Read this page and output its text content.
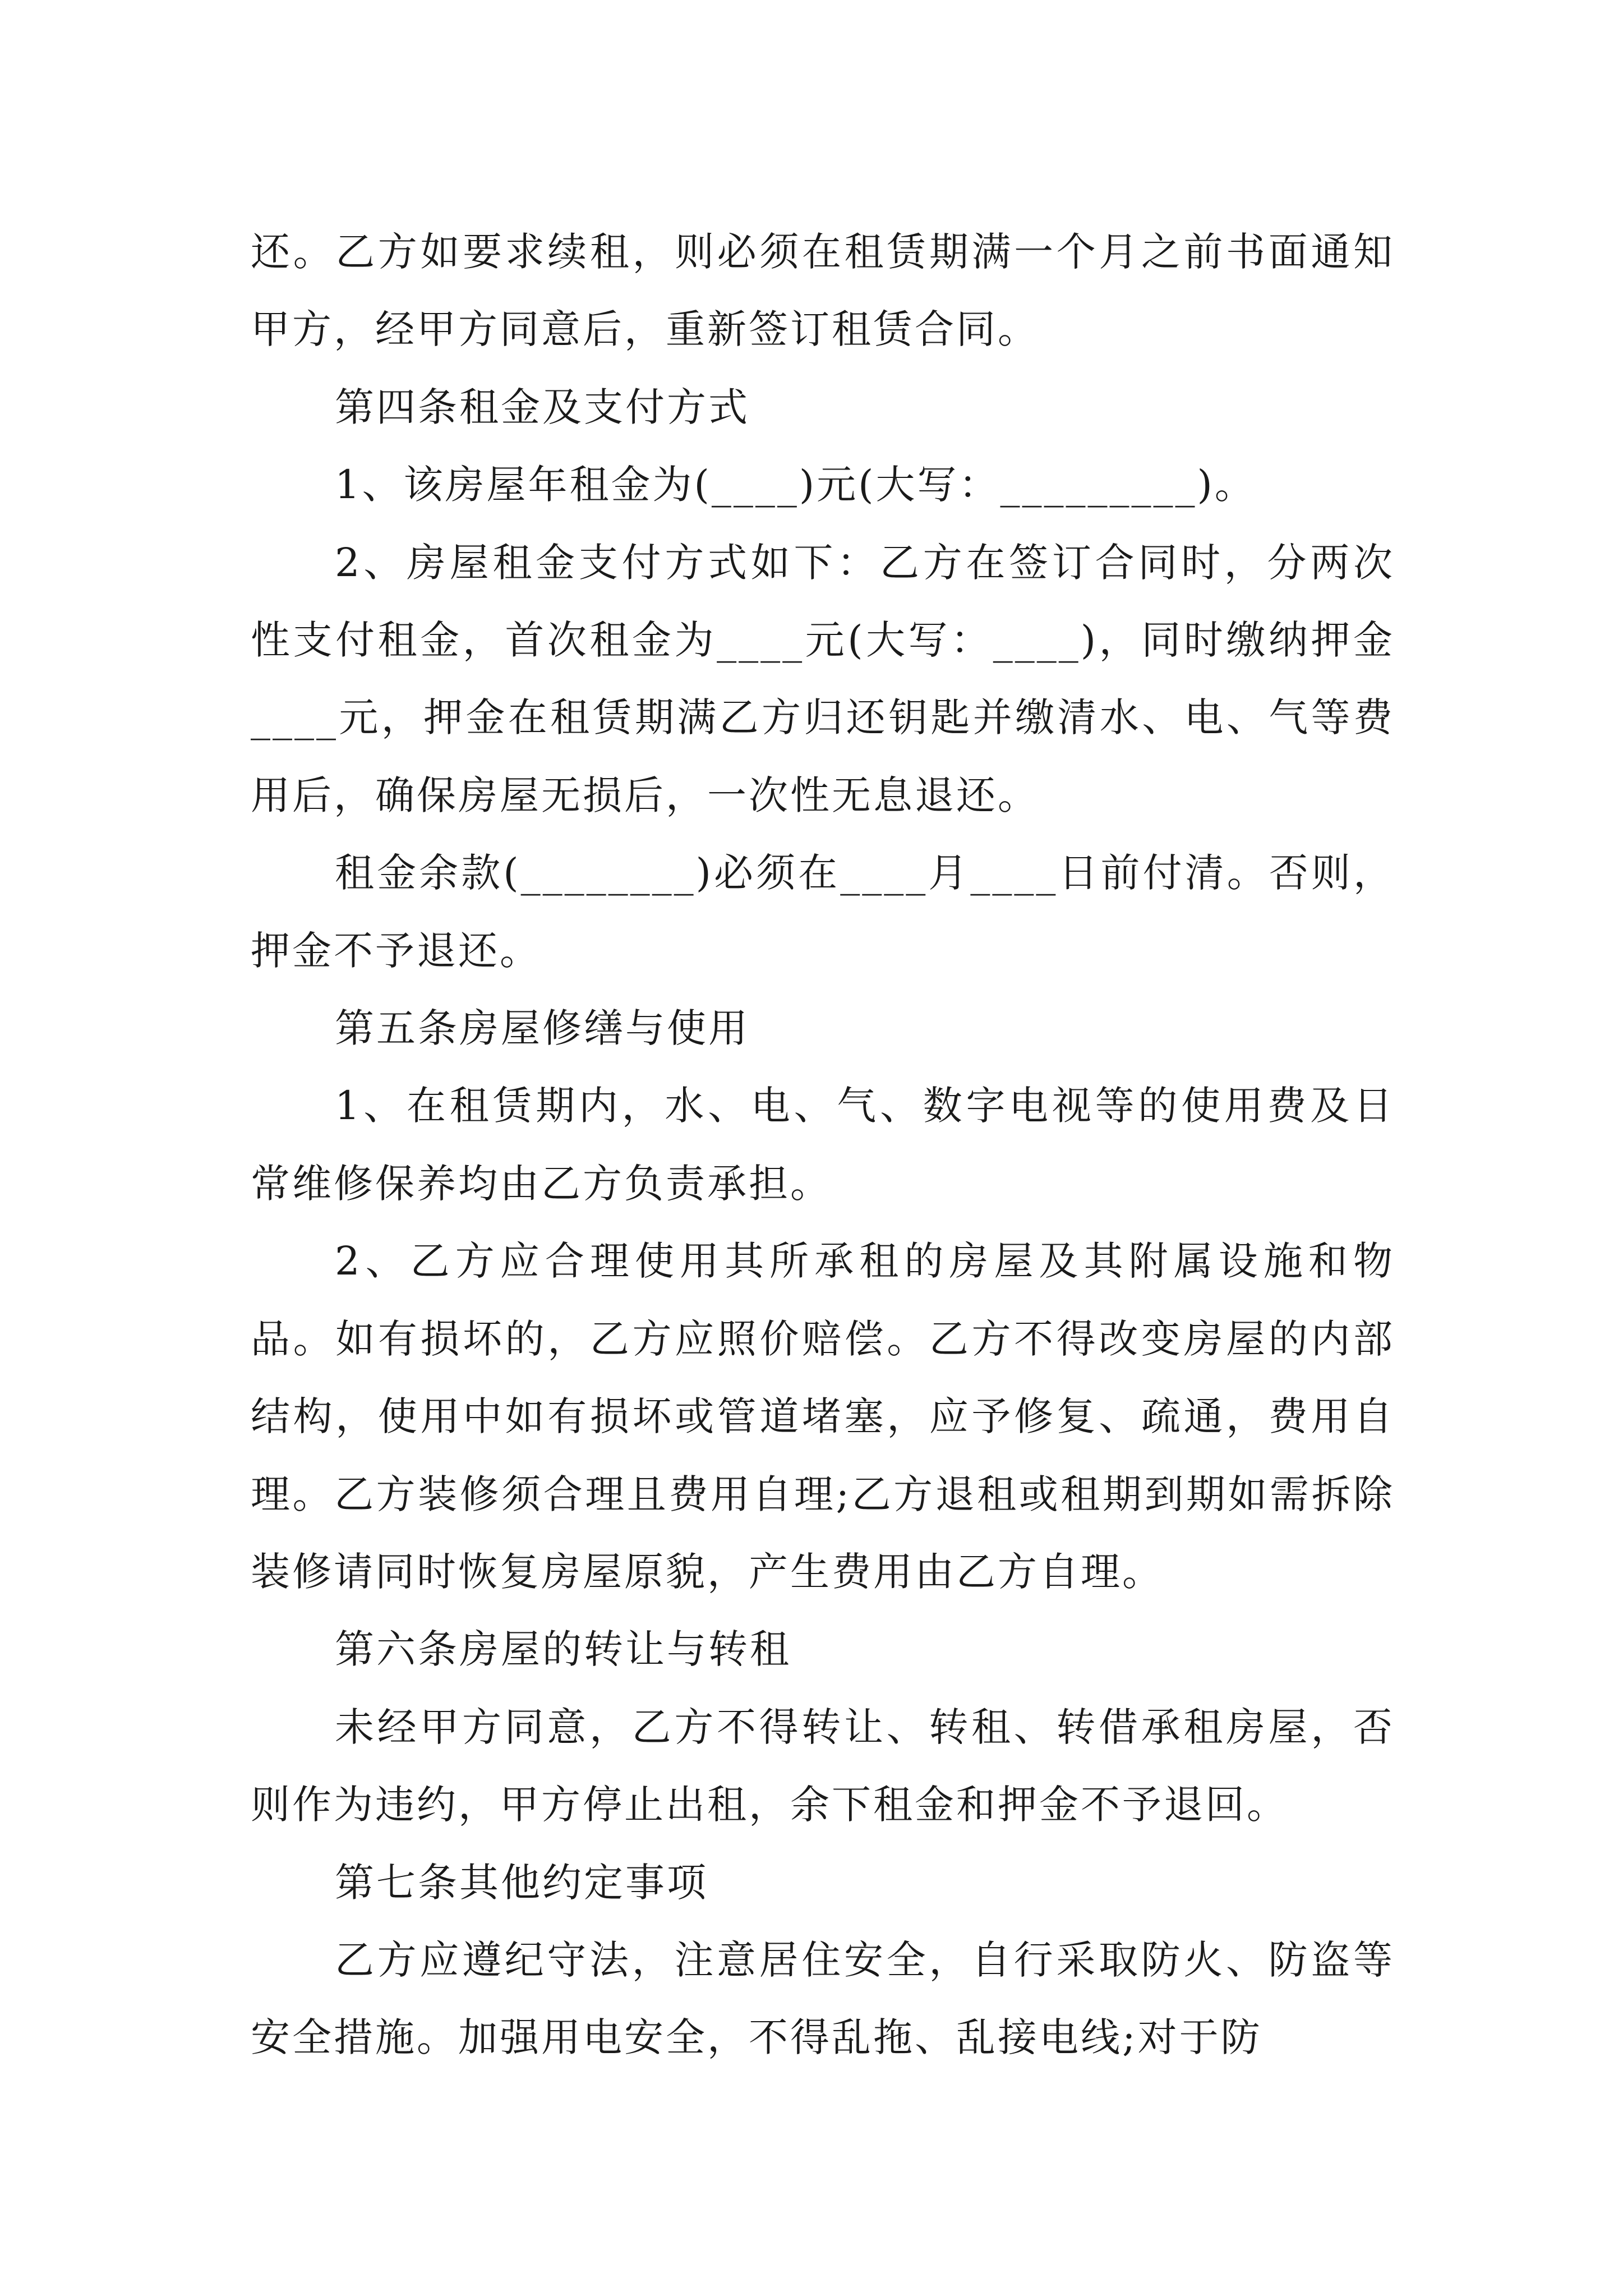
还。乙方如要求续租，则必须在租赁期满一个月之前书面通知甲方，经甲方同意后，重新签订租赁合同。

第四条租金及支付方式

1、该房屋年租金为(____)元(大写：_________)。

2、房屋租金支付方式如下：乙方在签订合同时，分两次性支付租金，首次租金为____元(大写：____)，同时缴纳押金____元，押金在租赁期满乙方归还钥匙并缴清水、电、气等费用后，确保房屋无损后，一次性无息退还。

租金余款(________)必须在____月____日前付清。否则，押金不予退还。

第五条房屋修缮与使用

1、在租赁期内，水、电、气、数字电视等的使用费及日常维修保养均由乙方负责承担。

2、乙方应合理使用其所承租的房屋及其附属设施和物品。如有损坏的，乙方应照价赔偿。乙方不得改变房屋的内部结构，使用中如有损坏或管道堵塞，应予修复、疏通，费用自理。乙方装修须合理且费用自理;乙方退租或租期到期如需拆除装修请同时恢复房屋原貌，产生费用由乙方自理。

第六条房屋的转让与转租

未经甲方同意，乙方不得转让、转租、转借承租房屋，否则作为违约，甲方停止出租，余下租金和押金不予退回。

第七条其他约定事项

乙方应遵纪守法，注意居住安全，自行采取防火、防盗等安全措施。加强用电安全，不得乱拖、乱接电线;对于防
